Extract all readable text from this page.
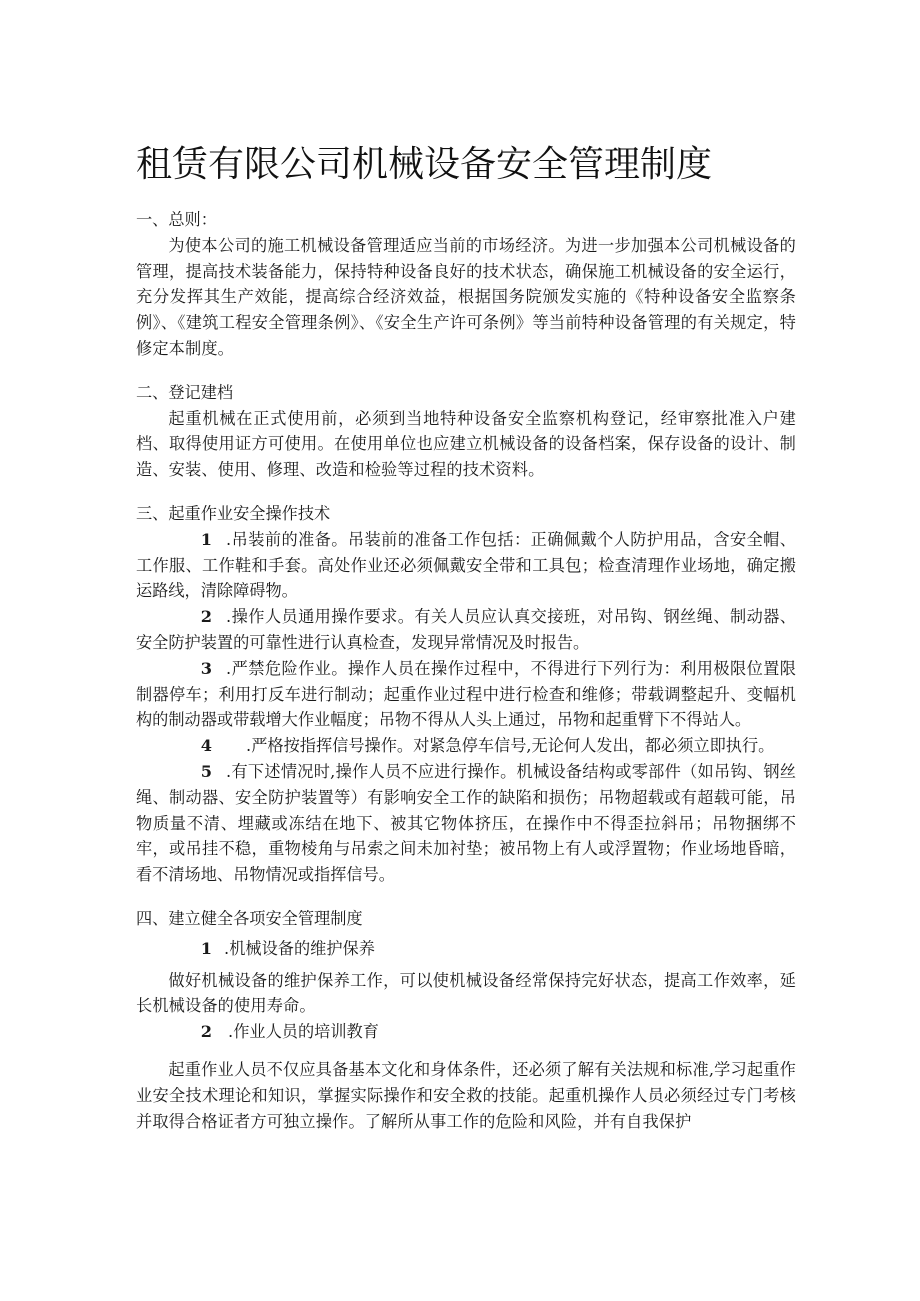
租赁有限公司机械设备安全管理制度
一、总则：

为使本公司的施工机械设备管理适应当前的市场经济。为进一步加强本公司机械设备的管理，提高技术装备能力，保持特种设备良好的技术状态，确保施工机械设备的安全运行，充分发挥其生产效能，提高综合经济效益，根据国务院颁发实施的《特种设备安全监察条例》、《建筑工程安全管理条例》、《安全生产许可条例》等当前特种设备管理的有关规定，特修定本制度。

二、登记建档

起重机械在正式使用前，必须到当地特种设备安全监察机构登记，经审察批准入户建档、取得使用证方可使用。在使用单位也应建立机械设备的设备档案，保存设备的设计、制造、安装、使用、修理、改造和检验等过程的技术资料。

三、起重作业安全操作技术

1 .吊装前的准备。吊装前的准备工作包括：正确佩戴个人防护用品，含安全帽、工作服、工作鞋和手套。高处作业还必须佩戴安全带和工具包；检查清理作业场地，确定搬运路线，清除障碍物。

2 .操作人员通用操作要求。有关人员应认真交接班，对吊钩、钢丝绳、制动器、安全防护装置的可靠性进行认真检查，发现异常情况及时报告。

3 .严禁危险作业。操作人员在操作过程中，不得进行下列行为：利用极限位置限制器停车；利用打反车进行制动；起重作业过程中进行检查和维修；带载调整起升、变幅机构的制动器或带载增大作业幅度；吊物不得从人头上通过，吊物和起重臂下不得站人。

4 .严格按指挥信号操作。对紧急停车信号,无论何人发出，都必须立即执行。

5 .有下述情况时,操作人员不应进行操作。机械设备结构或零部件（如吊钩、钢丝绳、制动器、安全防护装置等）有影响安全工作的缺陷和损伤；吊物超载或有超载可能，吊物质量不清、埋藏或冻结在地下、被其它物体挤压，在操作中不得歪拉斜吊；吊物捆绑不牢，或吊挂不稳，重物棱角与吊索之间未加衬垫；被吊物上有人或浮置物；作业场地昏暗，看不清场地、吊物情况或指挥信号。

四、建立健全各项安全管理制度

1 .机械设备的维护保养

做好机械设备的维护保养工作，可以使机械设备经常保持完好状态，提高工作效率，延长机械设备的使用寿命。

2 .作业人员的培训教育

起重作业人员不仅应具备基本文化和身体条件，还必须了解有关法规和标准,学习起重作业安全技术理论和知识，掌握实际操作和安全救的技能。起重机操作人员必须经过专门考核并取得合格证者方可独立操作。了解所从事工作的危险和风险，并有自我保护
